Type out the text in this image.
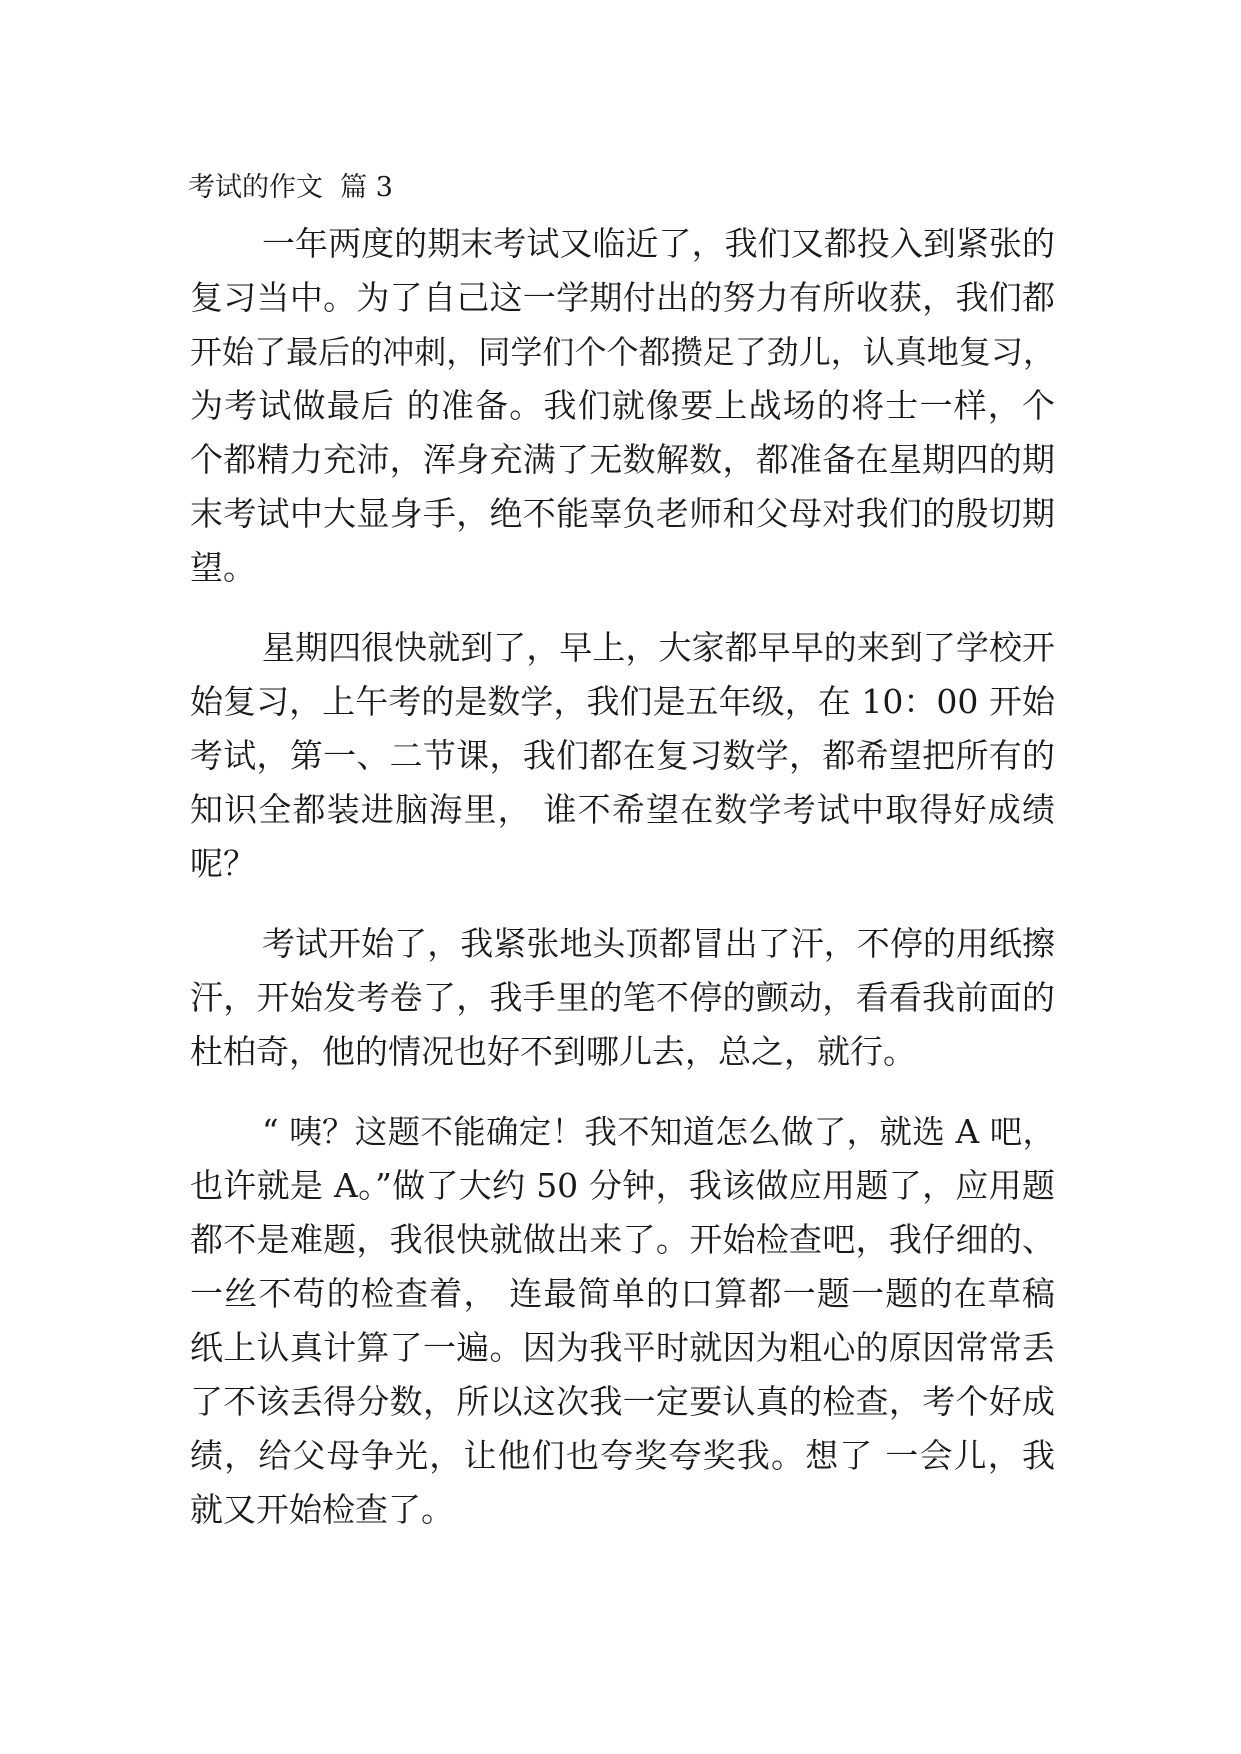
考试的作文  篇 3
一年两度的期末考试又临近了，我们又都投入到紧张的
复习当中。为了自己这一学期付出的努力有所收获，我们都
开始了最后的冲刺，同学们个个都攒足了劲儿，认真地复习，
为考试做最后 的准备。我们就像要上战场的将士一样，个
个都精力充沛，浑身充满了无数解数，都准备在星期四的期
末考试中大显身手，绝不能辜负老师和父母对我们的殷切期
望。
星期四很快就到了，早上，大家都早早的来到了学校开
始复习，上午考的是数学，我们是五年级，在 10：00 开始
考试，第一、二节课，我们都在复习数学，都希望把所有的
知识全都装进脑海里， 谁不希望在数学考试中取得好成绩
呢？
考试开始了，我紧张地头顶都冒出了汗，不停的用纸擦
汗，开始发考卷了，我手里的笔不停的颤动，看看我前面的
杜柏奇，他的情况也好不到哪儿去，总之，就行。
“ 咦？这题不能确定！我不知道怎么做了，就选 A 吧，
也许就是 A。”做了大约 50 分钟，我该做应用题了，应用题
都不是难题，我很快就做出来了。开始检查吧，我仔细的、
一丝不苟的检查着， 连最简单的口算都一题一题的在草稿
纸上认真计算了一遍。因为我平时就因为粗心的原因常常丢
了不该丢得分数，所以这次我一定要认真的检查，考个好成
绩，给父母争光，让他们也夸奖夸奖我。想了 一会儿，我
就又开始检查了。
